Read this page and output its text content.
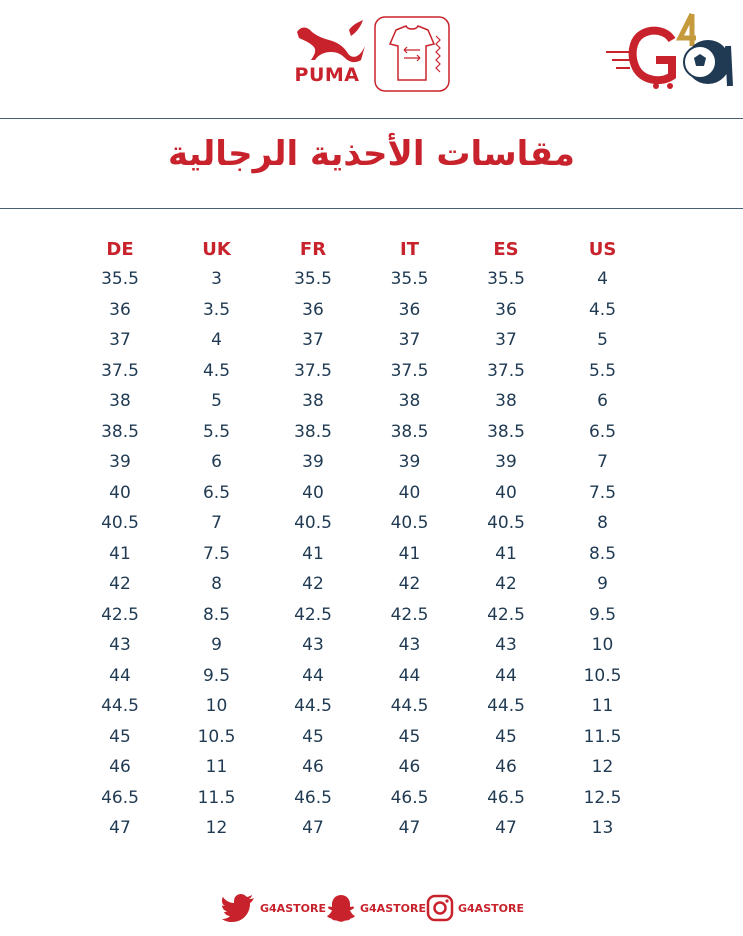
PUMA
مقاسات الأحذية الرجالية
DE
35.5
36
37
37.5
38
38.5
39
40
40.5
41
42
42.5
43
44
44.5
45
46
46.5
47
UK
3
3.5
4
4.5
5
5.5
6
6.5
7
7.5
8
8.5
9
9.5
10
10.5
11
11.5
12
FR
35.5
36
37
37.5
38
38.5
39
40
40.5
41
42
42.5
43
44
44.5
45
46
46.5
47
IT
35.5
36
37
37.5
38
38.5
39
40
40.5
41
42
42.5
43
44
44.5
45
46
46.5
47
ES
35.5
36
37
37.5
38
38.5
39
40
40.5
41
42
42.5
43
44
44.5
45
46
46.5
47
US
4
4.5
5
5.5
6
6.5
7
7.5
8
8.5
9
9.5
10
10.5
11
11.5
12
12.5
13
G4ASTORE	G4ASTORE	G4ASTORE
